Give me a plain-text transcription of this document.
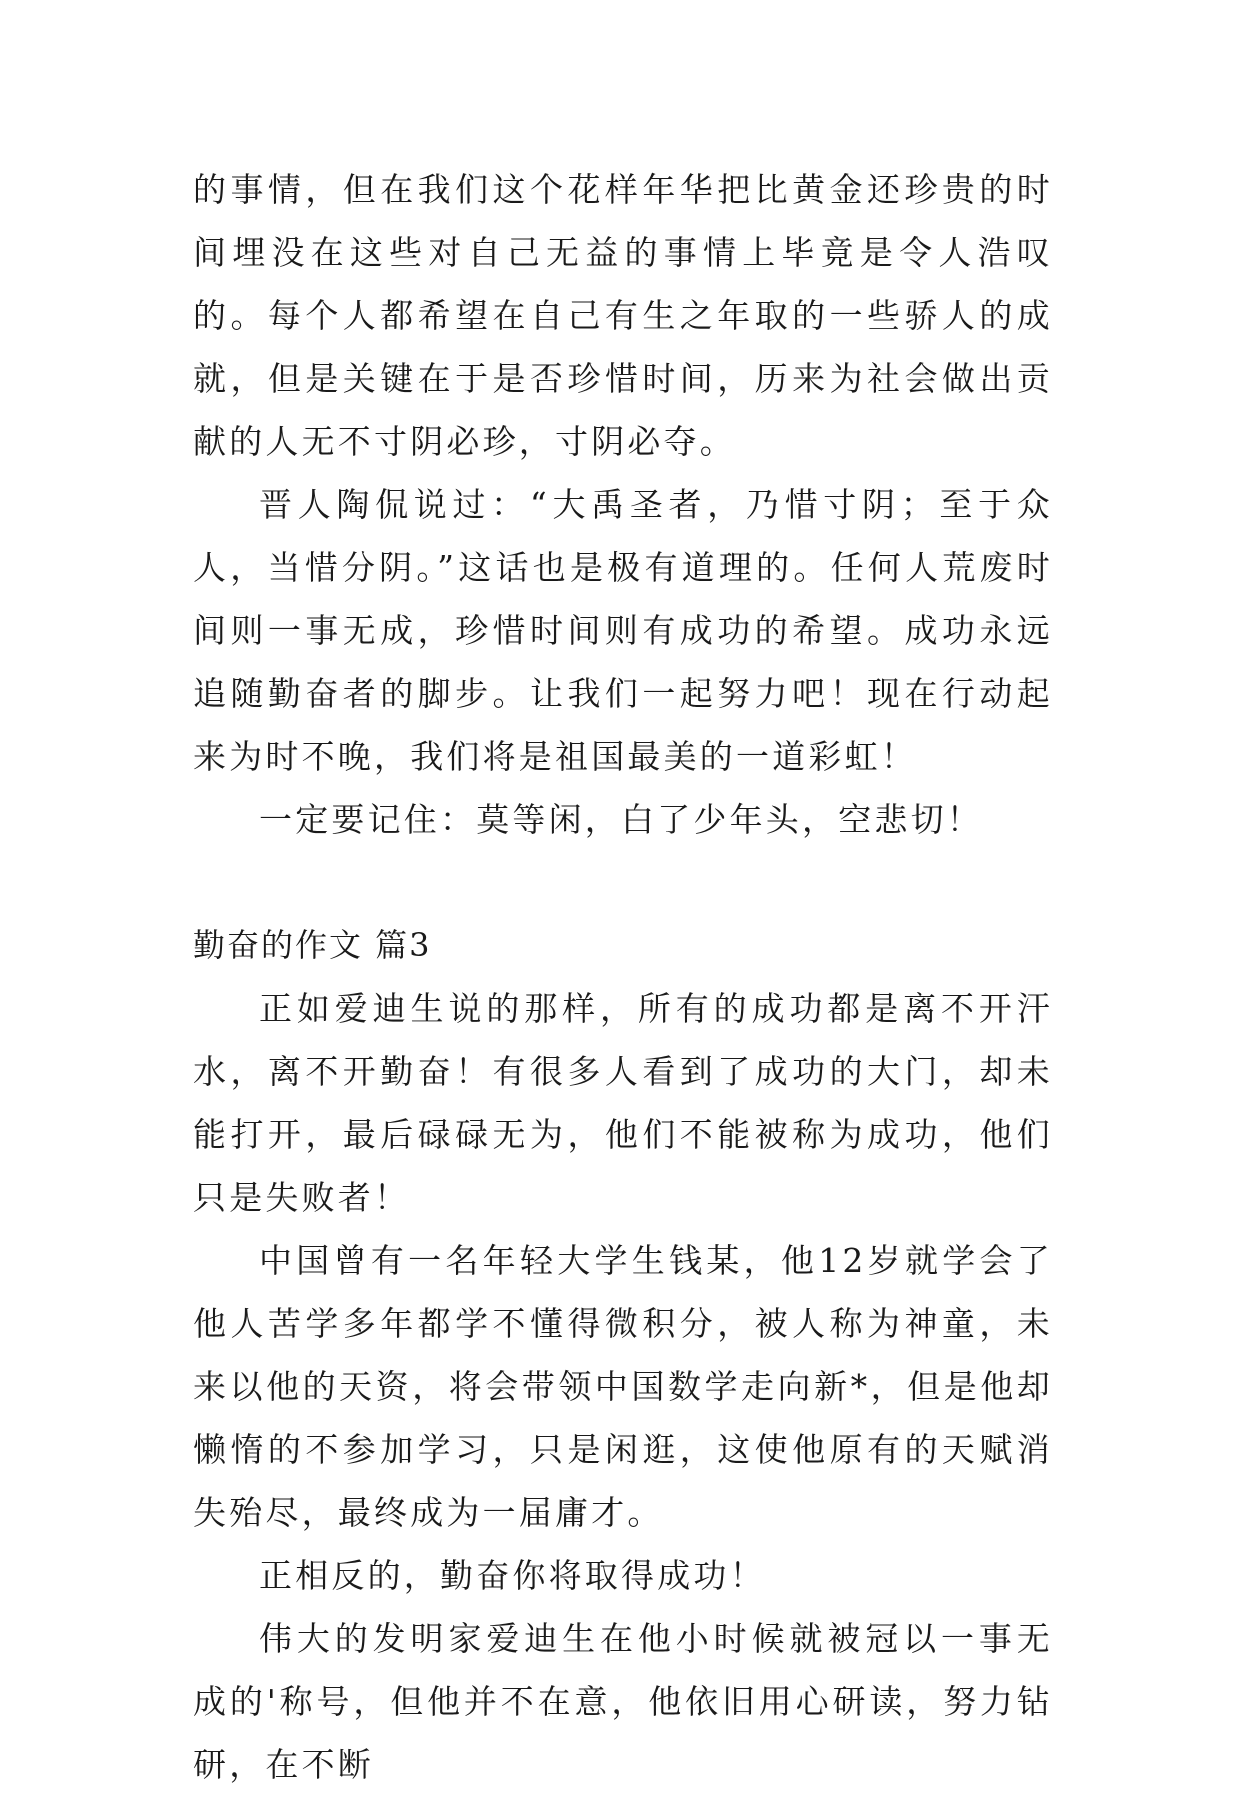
的事情，但在我们这个花样年华把比黄金还珍贵的时间埋没在这些对自己无益的事情上毕竟是令人浩叹的。每个人都希望在自己有生之年取的一些骄人的成就，但是关键在于是否珍惜时间，历来为社会做出贡献的人无不寸阴必珍，寸阴必夺。

晋人陶侃说过：“大禹圣者，乃惜寸阴；至于众人，当惜分阴。”这话也是极有道理的。任何人荒废时间则一事无成，珍惜时间则有成功的希望。成功永远追随勤奋者的脚步。让我们一起努力吧！现在行动起来为时不晚，我们将是祖国最美的一道彩虹！

一定要记住：莫等闲，白了少年头，空悲切！

勤奋的作文 篇3

正如爱迪生说的那样，所有的成功都是离不开汗水，离不开勤奋！有很多人看到了成功的大门，却未能打开，最后碌碌无为，他们不能被称为成功，他们只是失败者！

中国曾有一名年轻大学生钱某，他12岁就学会了他人苦学多年都学不懂得微积分，被人称为神童，未来以他的天资，将会带领中国数学走向新*，但是他却懒惰的不参加学习，只是闲逛，这使他原有的天赋消失殆尽，最终成为一届庸才。

正相反的，勤奋你将取得成功！

伟大的发明家爱迪生在他小时候就被冠以一事无成的'称号，但他并不在意，他依旧用心研读，努力钻研，在不断
